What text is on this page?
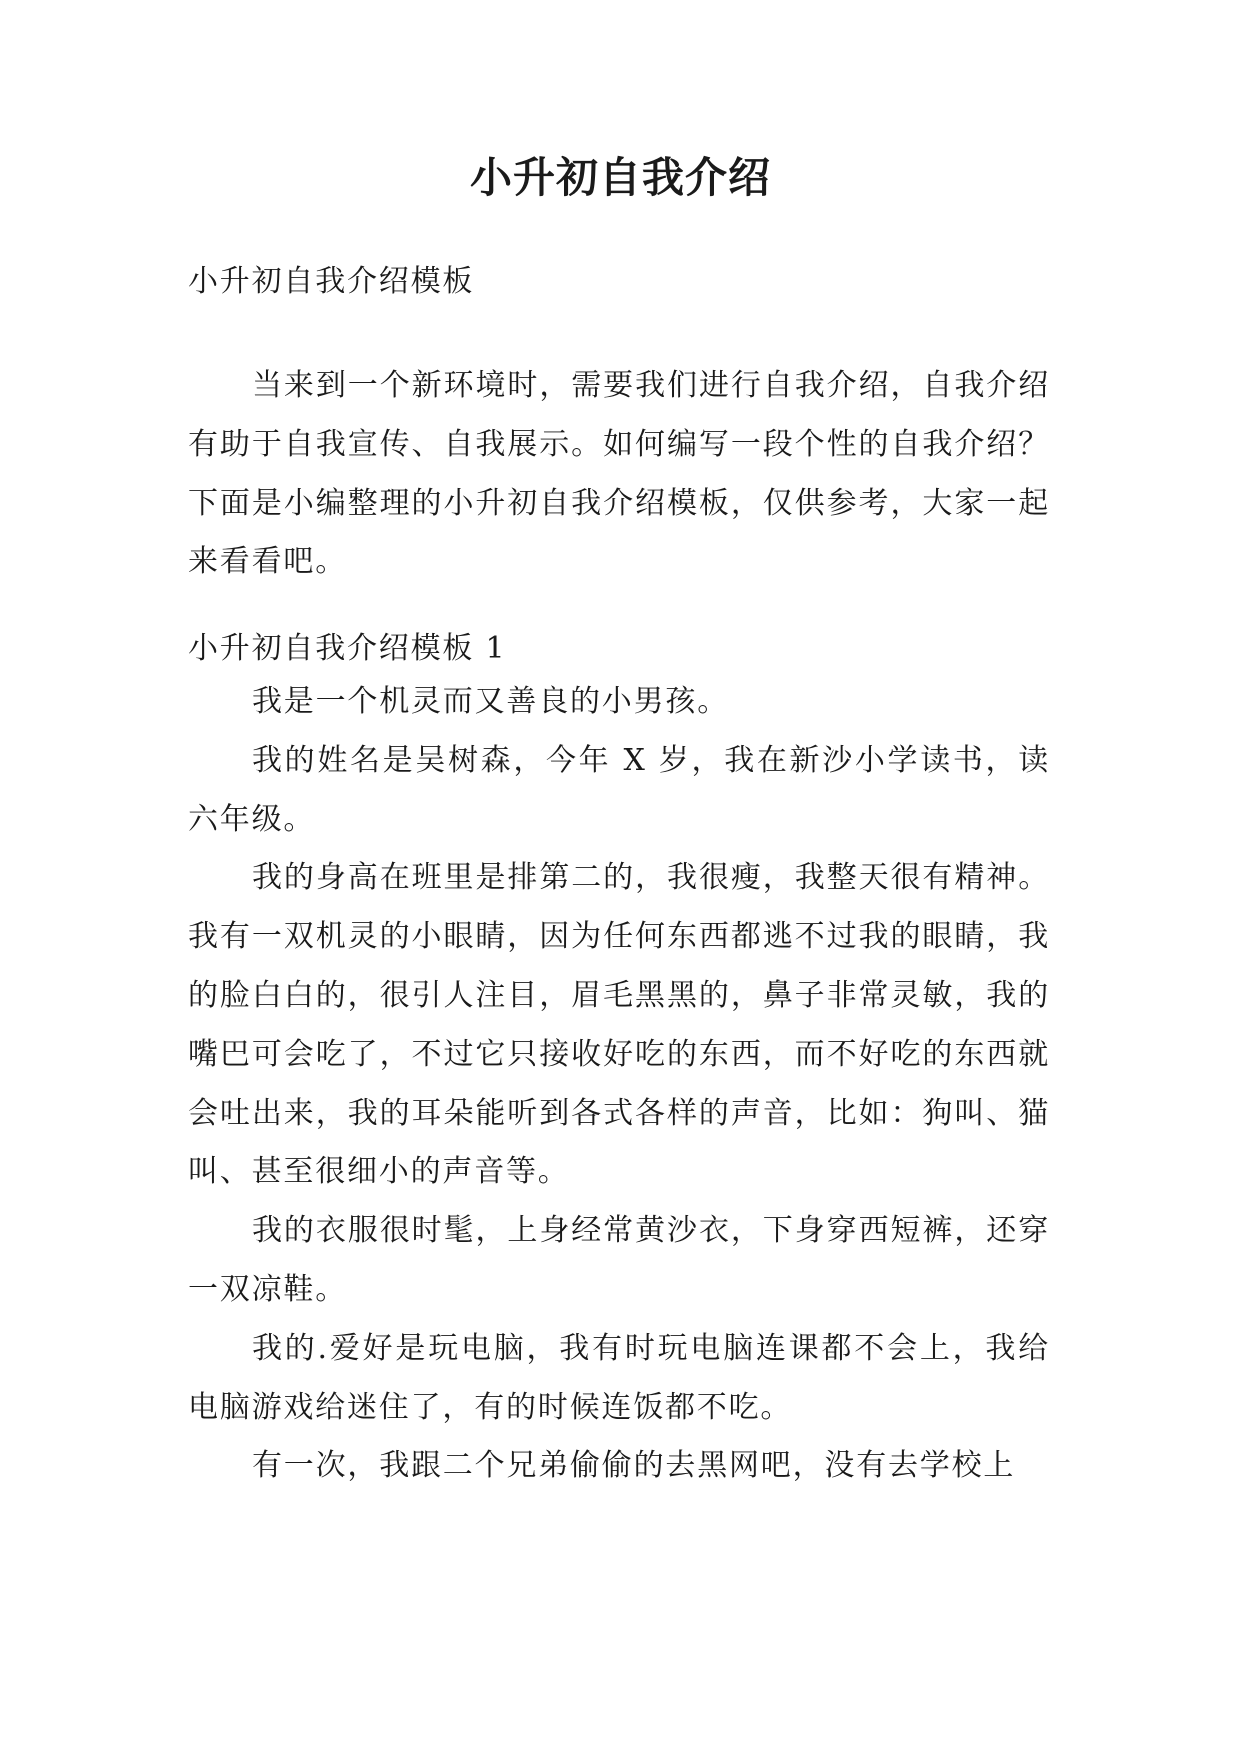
小升初自我介绍

小升初自我介绍模板

当来到一个新环境时，需要我们进行自我介绍，自我介绍有助于自我宣传、自我展示。如何编写一段个性的自我介绍？下面是小编整理的小升初自我介绍模板，仅供参考，大家一起来看看吧。

小升初自我介绍模板 1

我是一个机灵而又善良的小男孩。

我的姓名是吴树森，今年 X 岁，我在新沙小学读书，读六年级。

我的身高在班里是排第二的，我很瘦，我整天很有精神。我有一双机灵的小眼睛，因为任何东西都逃不过我的眼睛，我的脸白白的，很引人注目，眉毛黑黑的，鼻子非常灵敏，我的嘴巴可会吃了，不过它只接收好吃的东西，而不好吃的东西就会吐出来，我的耳朵能听到各式各样的声音，比如：狗叫、猫叫、甚至很细小的声音等。

我的衣服很时髦，上身经常黄沙衣，下身穿西短裤，还穿一双凉鞋。

我的.爱好是玩电脑，我有时玩电脑连课都不会上，我给电脑游戏给迷住了，有的时候连饭都不吃。

有一次，我跟二个兄弟偷偷的去黑网吧，没有去学校上
